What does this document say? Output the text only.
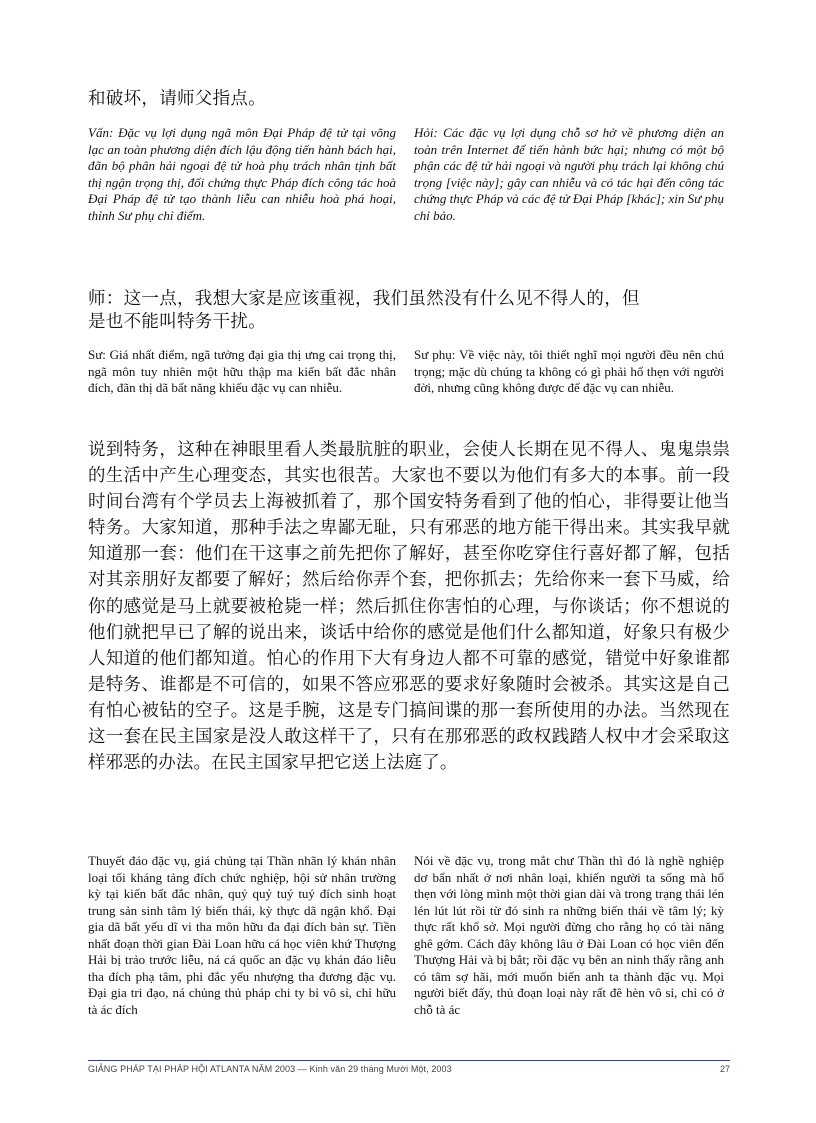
和破坏，请师父指点。
Vấn: Đặc vụ lợi dụng ngã môn Đại Pháp đệ tử tại võng lạc an toàn phương diện đích lậu động tiến hành bách hại, đãn bộ phân hải ngoại đệ tử hoà phụ trách nhân tịnh bất thị ngận trọng thị, đối chứng thực Pháp đích công tác hoà Đại Pháp đệ tử tạo thành liễu can nhiễu hoà phá hoại, thỉnh Sư phụ chỉ điểm.
Hỏi: Các đặc vụ lợi dụng chỗ sơ hở về phương diện an toàn trên Internet để tiến hành bức hại; nhưng có một bộ phận các đệ tử hải ngoại và người phụ trách lại không chú trọng [việc này]; gây can nhiễu và có tác hại đến công tác chứng thực Pháp và các đệ tử Đại Pháp [khác]; xin Sư phụ chỉ bảo.
师：这一点，我想大家是应该重视，我们虽然没有什么见不得人的，但
是也不能叫特务干扰。
Sư: Giá nhất điểm, ngã tưởng đại gia thị ưng cai trọng thị, ngã môn tuy nhiên một hữu thập ma kiến bất đắc nhân đích, đãn thị dã bất năng khiếu đặc vụ can nhiễu.
Sư phụ: Về việc này, tôi thiết nghĩ mọi người đều nên chú trọng; mặc dù chúng ta không có gì phải hổ thẹn với người đời, nhưng cũng không được để đặc vụ can nhiễu.
说到特务，这种在神眼里看人类最肮脏的职业，会使人长期在见不得人、鬼鬼祟祟的生活中产生心理变态，其实也很苦。大家也不要以为他们有多大的本事。前一段时间台湾有个学员去上海被抓着了，那个国安特务看到了他的怕心，非得要让他当特务。大家知道，那种手法之卑鄙无耻，只有邪恶的地方能干得出来。其实我早就知道那一套：他们在干这事之前先把你了解好，甚至你吃穿住行喜好都了解，包括对其亲朋好友都要了解好；然后给你弄个套，把你抓去；先给你来一套下马威，给你的感觉是马上就要被枪毙一样；然后抓住你害怕的心理，与你谈话；你不想说的他们就把早已了解的说出来，谈话中给你的感觉是他们什么都知道，好象只有极少人知道的他们都知道。怕心的作用下大有身边人都不可靠的感觉，错觉中好象谁都是特务、谁都是不可信的，如果不答应邪恶的要求好象随时会被杀。其实这是自己有怕心被钻的空子。这是手腕，这是专门搞间谍的那一套所使用的办法。当然现在这一套在民主国家是没人敢这样干了，只有在那邪恶的政权践踏人权中才会采取这样邪恶的办法。在民主国家早把它送上法庭了。
Thuyết đáo đặc vụ, giá chủng tại Thần nhãn lý khán nhân loại tối kháng tảng đích chức nghiệp, hội sử nhân trường kỳ tại kiến bất đắc nhân, quỷ quỷ tuý tuý đích sinh hoạt trung sản sinh tâm lý biến thái, kỳ thực dã ngận khổ. Đại gia dã bất yếu dĩ vi tha môn hữu đa đại đích bản sự. Tiền nhất đoạn thời gian Đài Loan hữu cá học viên khứ Thượng Hải bị trảo trước liễu, ná cá quốc an đặc vụ khán đáo liễu tha đích phạ tâm, phi đắc yếu nhượng tha đương đặc vụ. Đại gia tri đạo, ná chủng thủ pháp chi ty bỉ vô sỉ, chỉ hữu tà ác đích
Nói về đặc vụ, trong mắt chư Thần thì đó là nghề nghiệp dơ bẩn nhất ở nơi nhân loại, khiến người ta sống mà hổ thẹn với lòng mình một thời gian dài và trong trạng thái lén lén lút lút rồi từ đó sinh ra những biến thái về tâm lý; kỳ thực rất khổ sở. Mọi người đừng cho rằng họ có tài năng ghê gớm. Cách đây không lâu ở Đài Loan có học viên đến Thượng Hải và bị bắt; rồi đặc vụ bên an ninh thấy rằng anh có tâm sợ hãi, mới muốn biến anh ta thành đặc vụ. Mọi người biết đấy, thủ đoạn loại này rất đê hèn vô sỉ, chỉ có ở chỗ tà ác
GIẢNG PHÁP TẠI PHÁP HỘI ATLANTA NĂM 2003 — Kinh văn 29 tháng Mười Một, 2003	27
